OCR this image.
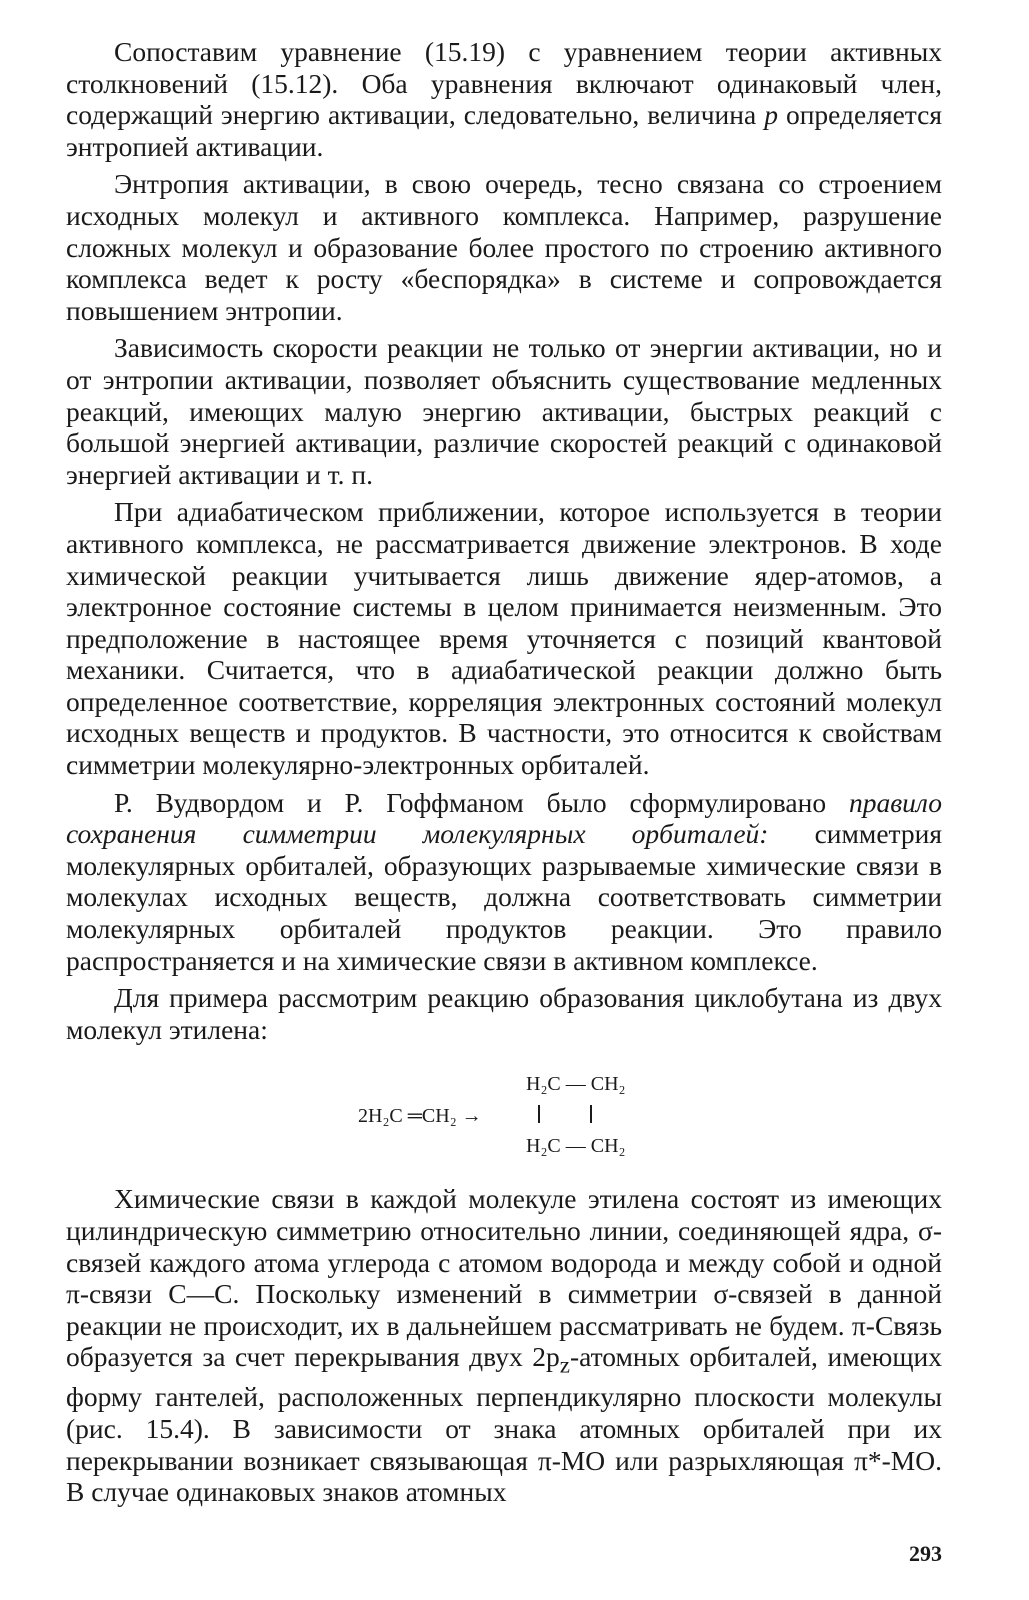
Сопоставим уравнение (15.19) с уравнением теории активных столкновений (15.12). Оба уравнения включают одинаковый член, содержащий энергию активации, следовательно, величина p определяется энтропией активации.

Энтропия активации, в свою очередь, тесно связана со строением исходных молекул и активного комплекса. Например, разрушение сложных молекул и образование более простого по строению активного комплекса ведет к росту «беспорядка» в системе и сопровождается повышением энтропии.

Зависимость скорости реакции не только от энергии активации, но и от энтропии активации, позволяет объяснить существование медленных реакций, имеющих малую энергию активации, быстрых реакций с большой энергией активации, различие скоростей реакций с одинаковой энергией активации и т. п.

При адиабатическом приближении, которое используется в теории активного комплекса, не рассматривается движение электронов. В ходе химической реакции учитывается лишь движение ядер-атомов, а электронное состояние системы в целом принимается неизменным. Это предположение в настоящее время уточняется с позиций квантовой механики. Считается, что в адиабатической реакции должно быть определенное соответствие, корреляция электронных состояний молекул исходных веществ и продуктов. В частности, это относится к свойствам симметрии молекулярно-электронных орбиталей.

Р. Вудвордом и Р. Гоффманом было сформулировано правило сохранения симметрии молекулярных орбиталей: симметрия молекулярных орбиталей, образующих разрываемые химические связи в молекулах исходных веществ, должна соответствовать симметрии молекулярных орбиталей продуктов реакции. Это правило распространяется и на химические связи в активном комплексе.

Для примера рассмотрим реакцию образования циклобутана из двух молекул этилена:

2H₂C ═CH₂ →
H₂C — CH₂
H₂C — CH₂

Химические связи в каждой молекуле этилена состоят из имеющих цилиндрическую симметрию относительно линии, соединяющей ядра, σ-связей каждого атома углерода с атомом водорода и между собой и одной π-связи С—С. Поскольку изменений в симметрии σ-связей в данной реакции не происходит, их в дальнейшем рассматривать не будем. π-Связь образуется за счет перекрывания двух $2p_z$-атомных орбиталей, имеющих форму гантелей, расположенных перпендикулярно плоскости молекулы (рис. 15.4). В зависимости от знака атомных орбиталей при их перекрывании возникает связывающая π-МО или разрыхляющая π*-МО. В случае одинаковых знаков атомных

293
